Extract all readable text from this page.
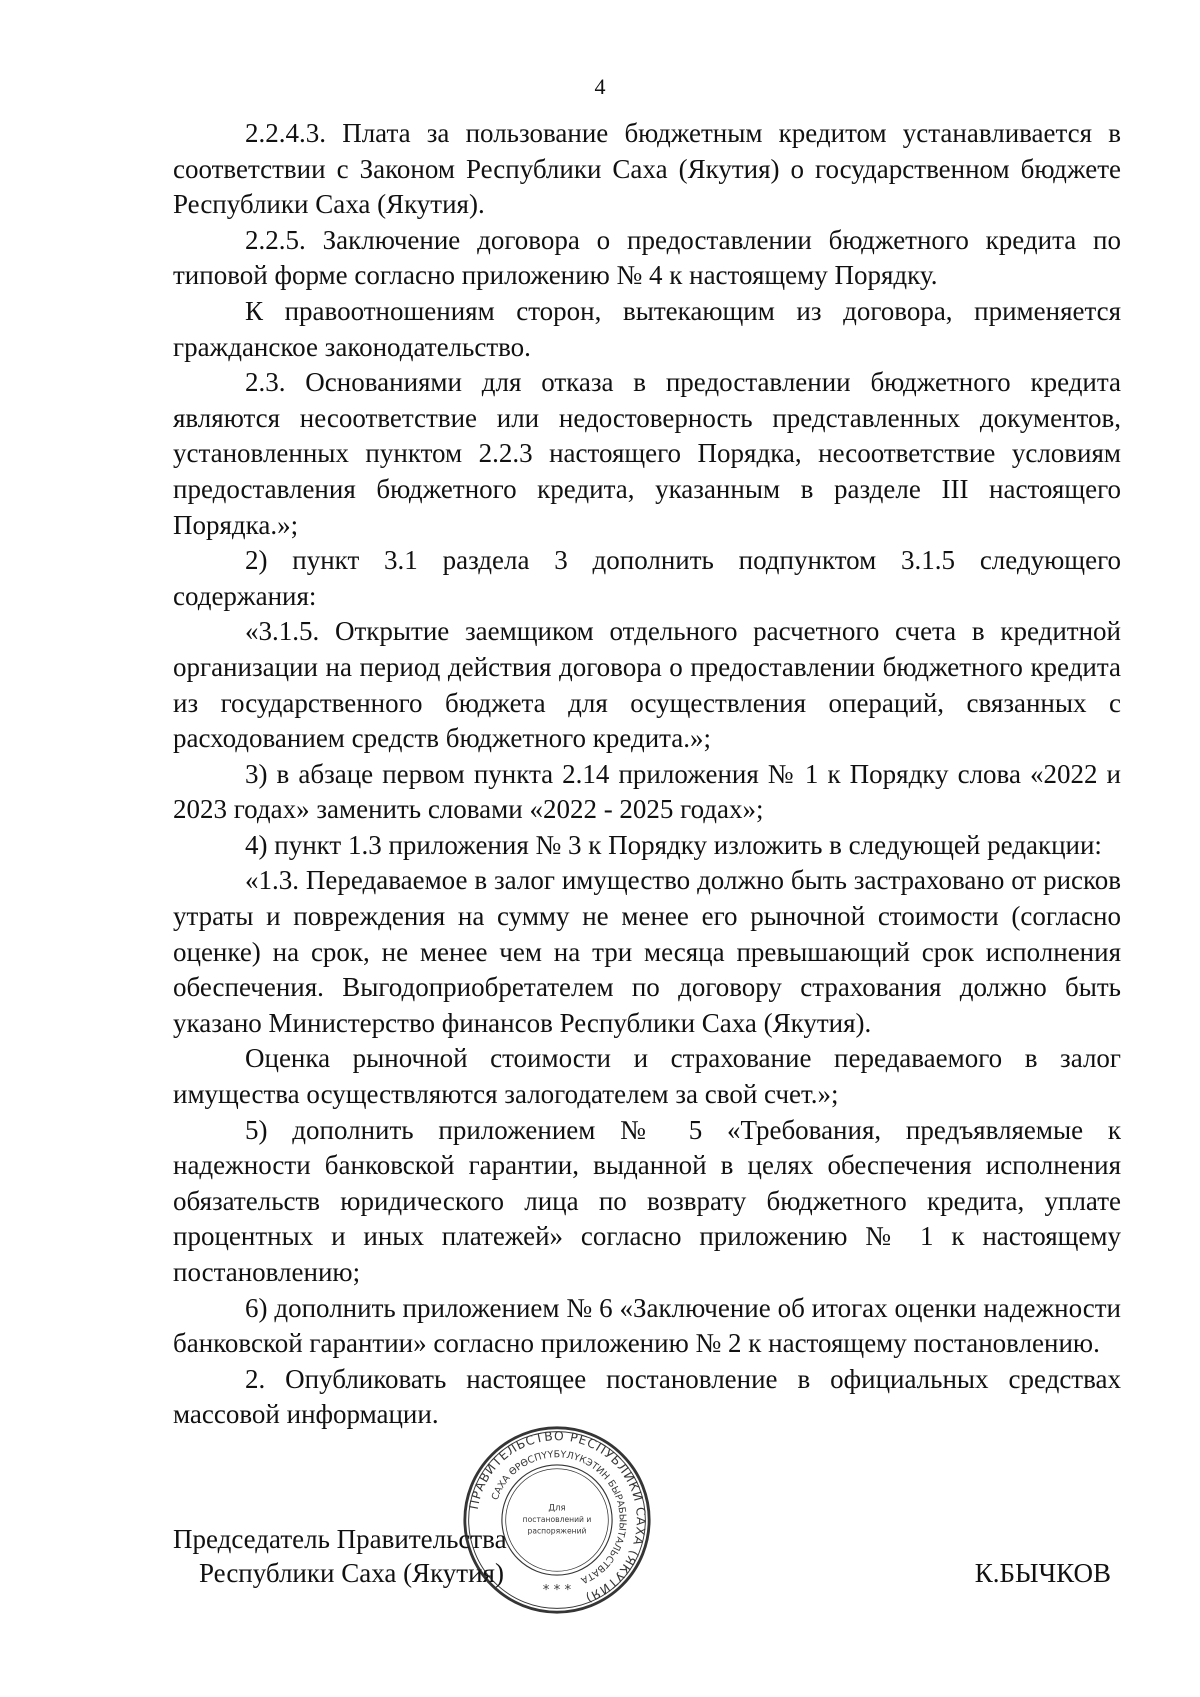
4

2.2.4.3. Плата за пользование бюджетным кредитом устанавливается в соответствии с Законом Республики Саха (Якутия) о государственном бюджете Республики Саха (Якутия).

2.2.5. Заключение договора о предоставлении бюджетного кредита по типовой форме согласно приложению № 4 к настоящему Порядку.

К правоотношениям сторон, вытекающим из договора, применяется гражданское законодательство.

2.3. Основаниями для отказа в предоставлении бюджетного кредита являются несоответствие или недостоверность представленных документов, установленных пунктом 2.2.3 настоящего Порядка, несоответствие условиям предоставления бюджетного кредита, указанным в разделе III настоящего Порядка.»;

2) пункт 3.1 раздела 3 дополнить подпунктом 3.1.5 следующего содержания:

«3.1.5. Открытие заемщиком отдельного расчетного счета в кредитной организации на период действия договора о предоставлении бюджетного кредита из государственного бюджета для осуществления операций, связанных с расходованием средств бюджетного кредита.»;

3) в абзаце первом пункта 2.14 приложения № 1 к Порядку слова «2022 и 2023 годах» заменить словами «2022 - 2025 годах»;

4) пункт 1.3 приложения № 3 к Порядку изложить в следующей редакции:

«1.3. Передаваемое в залог имущество должно быть застраховано от рисков утраты и повреждения на сумму не менее его рыночной стоимости (согласно оценке) на срок, не менее чем на три месяца превышающий срок исполнения обеспечения. Выгодоприобретателем по договору страхования должно быть указано Министерство финансов Республики Саха (Якутия).

Оценка рыночной стоимости и страхование передаваемого в залог имущества осуществляются залогодателем за свой счет.»;

5) дополнить приложением № 5 «Требования, предъявляемые к надежности банковской гарантии, выданной в целях обеспечения исполнения обязательств юридического лица по возврату бюджетного кредита, уплате процентных и иных платежей» согласно приложению № 1 к настоящему постановлению;

6) дополнить приложением № 6 «Заключение об итогах оценки надежности банковской гарантии» согласно приложению № 2 к настоящему постановлению.

2. Опубликовать настоящее постановление в официальных средствах массовой информации.

Председатель Правительства
Республики Саха (Якутия)	К.БЫЧКОВ
ПРАВИТЕЛЬСТВО РЕСПУБЛИКИ САХА (ЯКУТИЯ)
САХА ӨРӨСПҮҮБҮЛҮКЭТИН БЫРАБЫЫТАЛЬСТВАТА
Для
постановлений и
распоряжений
* * *
